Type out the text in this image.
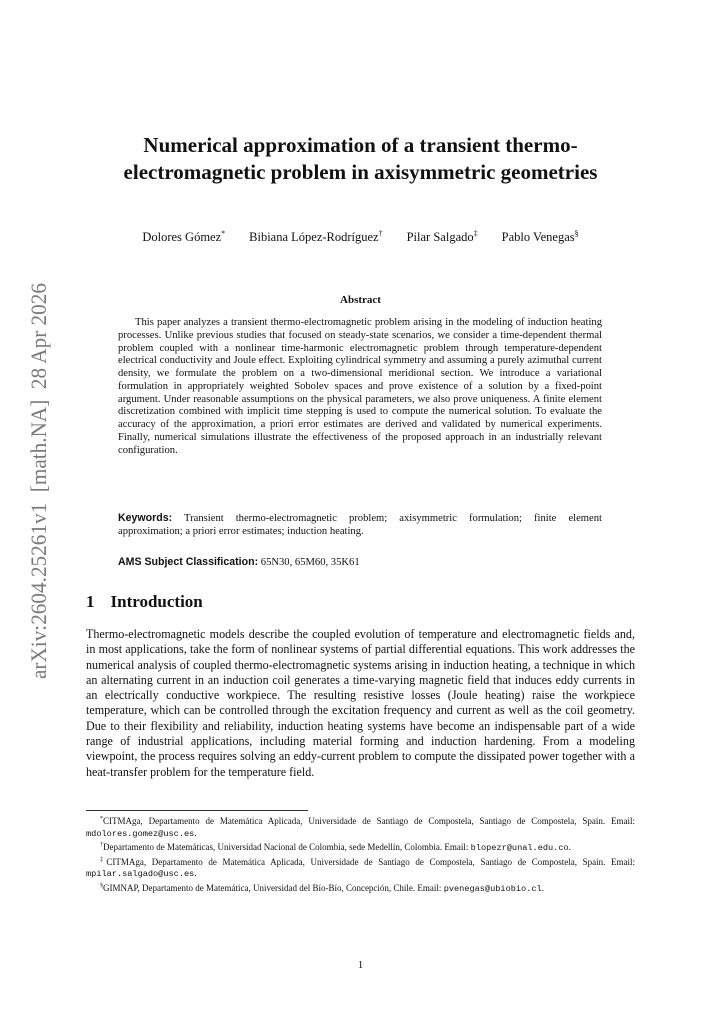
arXiv:2604.25261v1  [math.NA]  28 Apr 2026
Numerical approximation of a transient thermo-electromagnetic problem in axisymmetric geometries
Dolores Gómez* Bibiana López-Rodríguez† Pilar Salgado‡ Pablo Venegas§
Abstract
This paper analyzes a transient thermo-electromagnetic problem arising in the modeling of induction heating processes. Unlike previous studies that focused on steady-state scenarios, we consider a time-dependent thermal problem coupled with a nonlinear time-harmonic electromagnetic problem through temperature-dependent electrical conductivity and Joule effect. Exploiting cylindrical symmetry and assuming a purely azimuthal current density, we formulate the problem on a two-dimensional meridional section. We introduce a variational formulation in appropriately weighted Sobolev spaces and prove existence of a solution by a fixed-point argument. Under reasonable assumptions on the physical parameters, we also prove uniqueness. A finite element discretization combined with implicit time stepping is used to compute the numerical solution. To evaluate the accuracy of the approximation, a priori error estimates are derived and validated by numerical experiments. Finally, numerical simulations illustrate the effectiveness of the proposed approach in an industrially relevant configuration.
Keywords: Transient thermo-electromagnetic problem; axisymmetric formulation; finite element approximation; a priori error estimates; induction heating.
AMS Subject Classification: 65N30, 65M60, 35K61
1 Introduction
Thermo-electromagnetic models describe the coupled evolution of temperature and electromagnetic fields and, in most applications, take the form of nonlinear systems of partial differential equations. This work addresses the numerical analysis of coupled thermo-electromagnetic systems arising in induction heating, a technique in which an alternating current in an induction coil generates a time-varying magnetic field that induces eddy currents in an electrically conductive workpiece. The resulting resistive losses (Joule heating) raise the workpiece temperature, which can be controlled through the excitation frequency and current as well as the coil geometry. Due to their flexibility and reliability, induction heating systems have become an indispensable part of a wide range of industrial applications, including material forming and induction hardening. From a modeling viewpoint, the process requires solving an eddy-current problem to compute the dissipated power together with a heat-transfer problem for the temperature field.
*CITMAga, Departamento de Matemática Aplicada, Universidade de Santiago de Compostela, Santiago de Compostela, Spain. Email: mdolores.gomez@usc.es.
†Departamento de Matemáticas, Universidad Nacional de Colombia, sede Medellín, Colombia. Email: blopezr@unal.edu.co.
‡CITMAga, Departamento de Matemática Aplicada, Universidade de Santiago de Compostela, Santiago de Compostela, Spain. Email: mpilar.salgado@usc.es.
§GIMNAP, Departamento de Matemática, Universidad del Bío-Bío, Concepción, Chile. Email: pvenegas@ubiobio.cl.
1
